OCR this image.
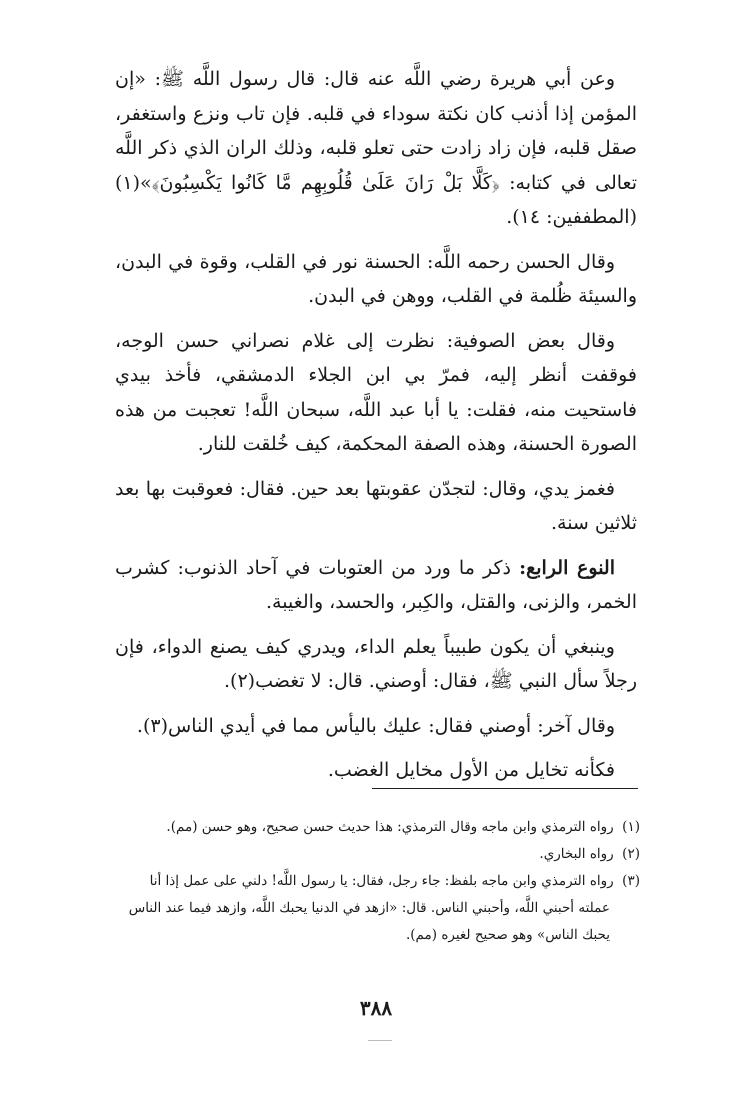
وعن أبي هريرة رضي اللَّه عنه قال: قال رسول اللَّه ﷺ: «إن المؤمن إذا أذنب كان نكتة سوداء في قلبه. فإن تاب ونزع واستغفر، صقل قلبه، فإن زاد زادت حتى تعلو قلبه، وذلك الران الذي ذكر اللَّه تعالى في كتابه: ﴿كَلَّا بَلْ رَانَ عَلَىٰ قُلُوبِهِم مَّا كَانُوا يَكْسِبُونَ﴾»(١) (المطففين: ١٤).

وقال الحسن رحمه اللَّه: الحسنة نور في القلب، وقوة في البدن، والسيئة ظُلمة في القلب، ووهن في البدن.

وقال بعض الصوفية: نظرت إلى غلام نصراني حسن الوجه، فوقفت أنظر إليه، فمرّ بي ابن الجلاء الدمشقي، فأخذ بيدي فاستحيت منه، فقلت: يا أبا عبد اللَّه، سبحان اللَّه! تعجبت من هذه الصورة الحسنة، وهذه الصفة المحكمة، كيف خُلقت للنار.

فغمز يدي، وقال: لتجدّن عقوبتها بعد حين. فقال: فعوقبت بها بعد ثلاثين سنة.

النوع الرابع: ذكر ما ورد من العتوبات في آحاد الذنوب: كشرب الخمر، والزنى، والقتل، والكِبر، والحسد، والغيبة.

وينبغي أن يكون طبيباً يعلم الداء، ويدري كيف يصنع الدواء، فإن رجلاً سأل النبي ﷺ، فقال: أوصني. قال: لا تغضب(٢).

وقال آخر: أوصني فقال: عليك باليأس مما في أيدي الناس(٣).

فكأنه تخايل من الأول مخايل الغضب.

(١) رواه الترمذي وابن ماجه وقال الترمذي: هذا حديث حسن صحيح، وهو حسن (مم).

(٢) رواه البخاري.

(٣) رواه الترمذي وابن ماجه بلفظ: جاء رجل، فقال: يا رسول اللَّه! دلني على عمل إذا أنا

عملته أحبني اللَّه، وأحبني الناس. قال: «ازهد في الدنيا يحبك اللَّه، وازهد فيما عند الناس

يحبك الناس» وهو صحيح لغيره (مم).

٣٨٨
